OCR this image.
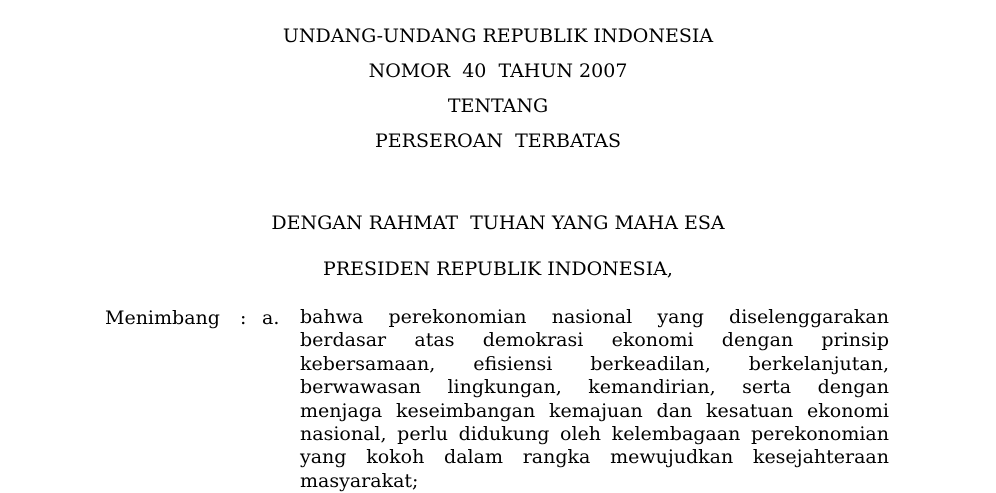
UNDANG-UNDANG REPUBLIK INDONESIA
NOMOR  40  TAHUN 2007
TENTANG
PERSEROAN  TERBATAS
DENGAN RAHMAT  TUHAN YANG MAHA ESA
PRESIDEN REPUBLIK INDONESIA,
Menimbang : a. bahwa perekonomian nasional yang diselenggarakan
berdasar atas demokrasi ekonomi dengan prinsip
kebersamaan, efisiensi berkeadilan, berkelanjutan,
berwawasan lingkungan, kemandirian, serta dengan
menjaga keseimbangan kemajuan dan kesatuan ekonomi
nasional, perlu didukung oleh kelembagaan perekonomian
yang kokoh dalam rangka mewujudkan kesejahteraan
masyarakat;
